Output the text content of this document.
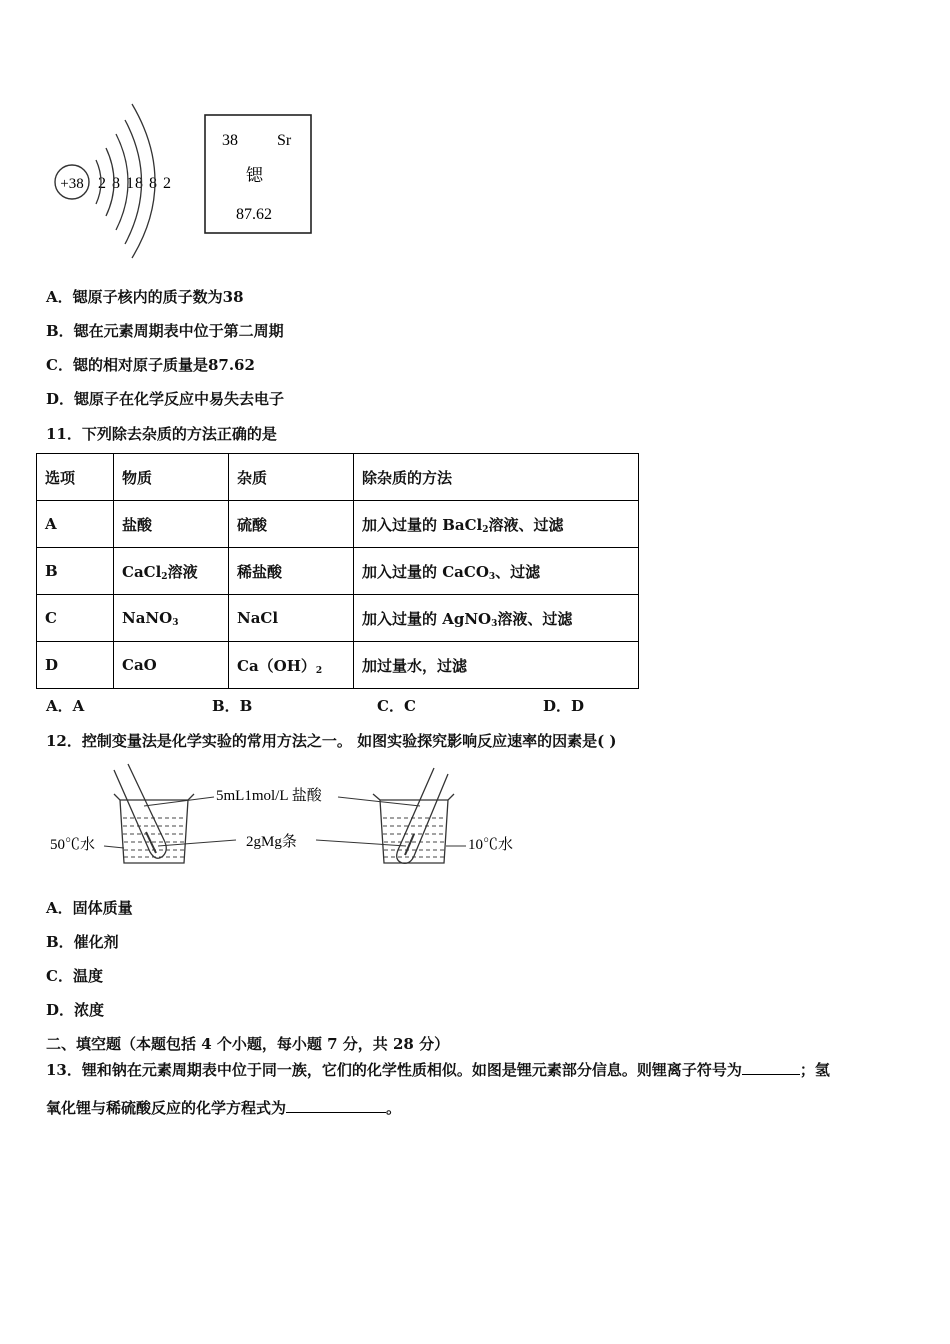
+38 2 8 18 8 2
38 Sr
锶
87.62
A．锶原子核内的质子数为38
B．锶在元素周期表中位于第二周期
C．锶的相对原子质量是87.62
D．锶原子在化学反应中易失去电子
11．下列除去杂质的方法正确的是
选项	物质	杂质	除杂质的方法
A	盐酸	硫酸	加入过量的 BaCl$_2$溶液、过滤
B	CaCl$_2$溶液	稀盐酸	加入过量的 CaCO$_3$、过滤
C	NaNO$_3$	NaCl	加入过量的 AgNO$_3$溶液、过滤
D	CaO	$Ca(OH)_2$	加过量水，过滤
A．A	B．B	C．C	D．D
12．控制变量法是化学实验的常用方法之一。 如图实验探究影响反应速率的因素是( )
5mL1mol/L 盐酸
2gMg条
50℃水	10℃水
A．固体质量
B．催化剂
C．温度
D．浓度
二、填空题（本题包括 4 个小题，每小题 7 分，共 28 分）
13．锂和钠在元素周期表中位于同一族，它们的化学性质相似。如图是锂元素部分信息。则锂离子符号为	；氢
氧化锂与稀硫酸反应的化学方程式为	。
